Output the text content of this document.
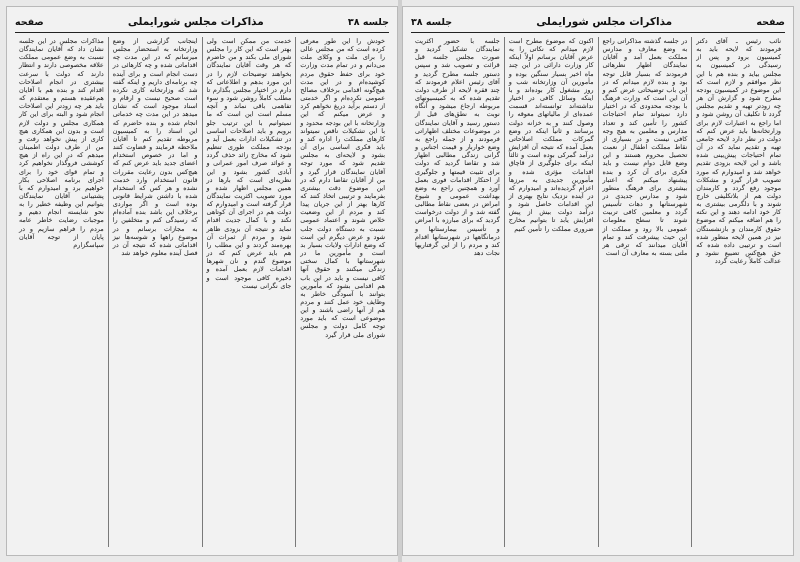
جلسه ۳۸
مذاکرات مجلس شورایملی
صفحه

خودش را این طور معرفی کرده است که من مجلس عالی را برای ملت و وکلای ملت می‌دانم و در تمام مدت وزارت خود برای حفظ حقوق مردم کوشیده‌ام و در این مدت هیچ‌گونه اقدامی برخلاف مصالح عمومی نکرده‌ام و اگر خدمتی از دستم برآید دریغ نخواهم کرد و عرض میکنم که این وزارتخانه با این بودجه محدود و با این تشکیلات ناقص نمیتواند کارهای مملکت را اداره کند و باید فکری اساسی برای آن بشود و لایحه‌ای به مجلس تقدیم شود که مورد توجه آقایان نمایندگان قرار گیرد و من از آقایان تقاضا دارم که در این موضوع دقت بیشتری بفرمایند و ترتیبی اتخاذ کنند که کارها بهتر از این جریان پیدا کند و مردم از این وضعیت خلاص شوند و اعتماد عمومی نسبت به دستگاه دولت جلب شود و عرض دیگرم این است که وضع ادارات ولایات بسیار بد است و مأمورین ما در شهرستانها با کمال سختی زندگی میکنند و حقوق آنها کافی نیست و باید در این باب هم اقدامی بشود که مأمورین بتوانند با آسودگی خاطر به وظایف خود عمل کنند و مردم هم از آنها راضی باشند و این موضوعی است که باید مورد توجه کامل دولت و مجلس شورای ملی قرار گیرد

خدمت من ممکن است ولی بهتر است که این کار را مجلس شورای ملی بکند و من حاضرم که هر وقت آقایان نمایندگان بخواهند توضیحات لازم را در این مورد بدهم و اطلاعاتی که دارم در اختیار مجلس بگذارم تا مطلب کاملاً روشن شود و سوء تفاهمی باقی نماند و آنچه مسلم است این است که ما نمیتوانیم با این ترتیب جلو برویم و باید اصلاحات اساسی در تشکیلات ادارات بعمل آید و بودجه مملکت طوری تنظیم شود که مخارج زائد حذف گردد و عوائد صرف امور عمرانی و آبادی کشور بشود و این نظریه‌ای است که بارها در همین مجلس اظهار شده و مورد تصویب اکثریت نمایندگان قرار گرفته است و امیدوارم که دولت هم در اجرای آن کوتاهی نکند و با کمال جدیت اقدام نماید و نتیجه آن بزودی ظاهر شود و مردم از ثمرات آن بهره‌مند گردند و این مطلب را هم باید عرض کنم که در موضوع گندم و نان شهرها اقدامات لازم بعمل آمده و ذخیره کافی موجود است و جای نگرانی نیست

اینجانب گزارشی از وضع وزارتخانه به استحضار مجلس میرسانم که در این مدت چه اقداماتی شده و چه کارهائی در دست انجام است و برای آینده چه برنامه‌ای داریم و اینکه گفته شد که وزارتخانه کاری نکرده است صحیح نیست و ارقام و اسناد موجود است که نشان میدهد در این مدت چه خدماتی انجام شده و بنده حاضرم که این اسناد را به کمیسیون مربوطه تقدیم کنم تا آقایان ملاحظه فرمایند و قضاوت کنند و اما در خصوص استخدام اعضای جدید باید عرض کنم که هیچ‌کس بدون رعایت مقررات قانون استخدام وارد خدمت نشده و هر کس که استخدام شده با داشتن شرایط قانونی بوده است و اگر مواردی برخلاف این باشد بنده آماده‌ام که رسیدگی کنم و متخلفین را به مجازات برسانم و در موضوع راهها و شوسه‌ها نیز اقداماتی شده که نتیجه آن در فصل آینده معلوم خواهد شد

مذاکرات مجلس در این جلسه نشان داد که آقایان نمایندگان نسبت به وضع عمومی مملکت علاقه مخصوصی دارند و انتظار دارند که دولت با سرعت بیشتری در انجام اصلاحات اقدام کند و بنده هم با آقایان هم‌عقیده هستم و معتقدم که باید هر چه زودتر این اصلاحات انجام شود و البته برای این کار همکاری مجلس و دولت لازم است و بدون این همکاری هیچ کاری از پیش نخواهد رفت و من از طرف دولت اطمینان میدهم که در این راه از هیچ کوششی فروگذار نخواهیم کرد و تمام قوای خود را برای اجرای برنامه اصلاحی بکار خواهیم برد و امیدوارم که با پشتیبانی آقایان نمایندگان بتوانیم این وظیفه خطیر را به نحو شایسته انجام دهیم و موجبات رضایت خاطر عامه مردم را فراهم سازیم و در پایان از توجه آقایان سپاسگزارم

صفحه
مذاکرات مجلس شورایملی
جلسه ۳۸

نائب رئیس ـ آقای دکتر فرمودند که لایحه باید به کمیسیون برود و پس از رسیدگی در کمیسیون به مجلس بیاید و بنده هم با این نظر موافقم و لازم است که این موضوع در کمیسیون بودجه مطرح شود و گزارش آن هر چه زودتر تهیه و تقدیم مجلس گردد تا تکلیف آن روشن شود و اما راجع به اعتبارات لازم برای وزارتخانه‌ها باید عرض کنم که دولت در نظر دارد لایحه جامعی تهیه و تقدیم نماید که در آن تمام احتیاجات پیش‌بینی شده باشد و این لایحه بزودی تقدیم خواهد شد و امیدوارم که مورد تصویب قرار گیرد و مشکلات موجود رفع گردد و کارمندان دولت هم از بلاتکلیفی خارج شوند و با دلگرمی بیشتری به کار خود ادامه دهند و این نکته را هم اضافه میکنم که موضوع حقوق کارمندان و بازنشستگان نیز در همین لایحه منظور شده است و ترتیبی داده شده که حق هیچ‌کس تضییع نشود و عدالت کاملاً رعایت گردد

در جلسه گذشته مذاکراتی راجع به وضع معارف و مدارس مملکت بعمل آمد و آقایان نمایندگان اظهار نظرهائی فرمودند که بسیار قابل توجه بود و بنده لازم میدانم که در این باب توضیحاتی عرض کنم و آن این است که وزارت فرهنگ با بودجه محدودی که در اختیار دارد نمیتواند تمام احتیاجات کشور را تأمین کند و تعداد مدارس و معلمین به هیچ وجه کافی نیست و در بسیاری از نقاط مملکت اطفال از نعمت تحصیل محروم هستند و این وضع قابل دوام نیست و باید فکری برای آن کرد و بنده پیشنهاد میکنم که اعتبار بیشتری برای فرهنگ منظور شود و مدارس جدیدی در شهرستانها و دهات تأسیس گردد و معلمین کافی تربیت شوند تا سطح معلومات عمومی بالا رود و مملکت از این حیث پیشرفت کند و تمام آقایان میدانند که ترقی هر ملتی بسته به معارف آن است

اکنون که موضوع مطرح است لازم میدانم که نکاتی را به عرض آقایان برسانم اولاً اینکه کار وزارت دارائی در این چند ماه اخیر بسیار سنگین بوده و مأمورین آن وزارتخانه شب و روز مشغول کار بوده‌اند و با اینکه وسائل کافی در اختیار نداشته‌اند توانسته‌اند قسمت عمده‌ای از مالیاتهای معوقه را وصول کنند و به خزانه دولت برسانند و ثانیاً اینکه در وضع گمرکات مملکت اصلاحاتی بعمل آمده که نتیجه آن افزایش درآمد گمرکی بوده است و ثالثاً اینکه برای جلوگیری از قاچاق اقدامات مؤثری شده و مأمورین جدیدی به مرزها اعزام گردیده‌اند و امیدوارم که در آینده نزدیک نتایج بهتری از این اقدامات حاصل شود و درآمد دولت بیش از پیش افزایش یابد تا بتوانیم مخارج ضروری مملکت را تأمین کنیم

جلسه با حضور اکثریت نمایندگان تشکیل گردید و صورت مجلس جلسه قبل قرائت و تصویب شد و سپس دستور جلسه مطرح گردید و آقای رئیس اعلام فرمودند که چند فقره لایحه از طرف دولت تقدیم شده که به کمیسیونهای مربوطه ارجاع میشود و آنگاه نوبت به نطق‌های قبل از دستور رسید و آقایان نمایندگان در موضوعات مختلف اظهاراتی فرمودند و از جمله راجع به وضع خواربار و قیمت اجناس و گرانی زندگی مطالبی اظهار شد و تقاضا گردید که دولت برای تثبیت قیمتها و جلوگیری از احتکار اقدامات فوری بعمل آورد و همچنین راجع به وضع بهداشت عمومی و شیوع امراض در بعضی نقاط مطالبی گفته شد و از دولت درخواست گردید که برای مبارزه با امراض و تأسیس بیمارستانها و درمانگاهها در شهرستانها اقدام کند و مردم را از این گرفتاریها نجات دهد
